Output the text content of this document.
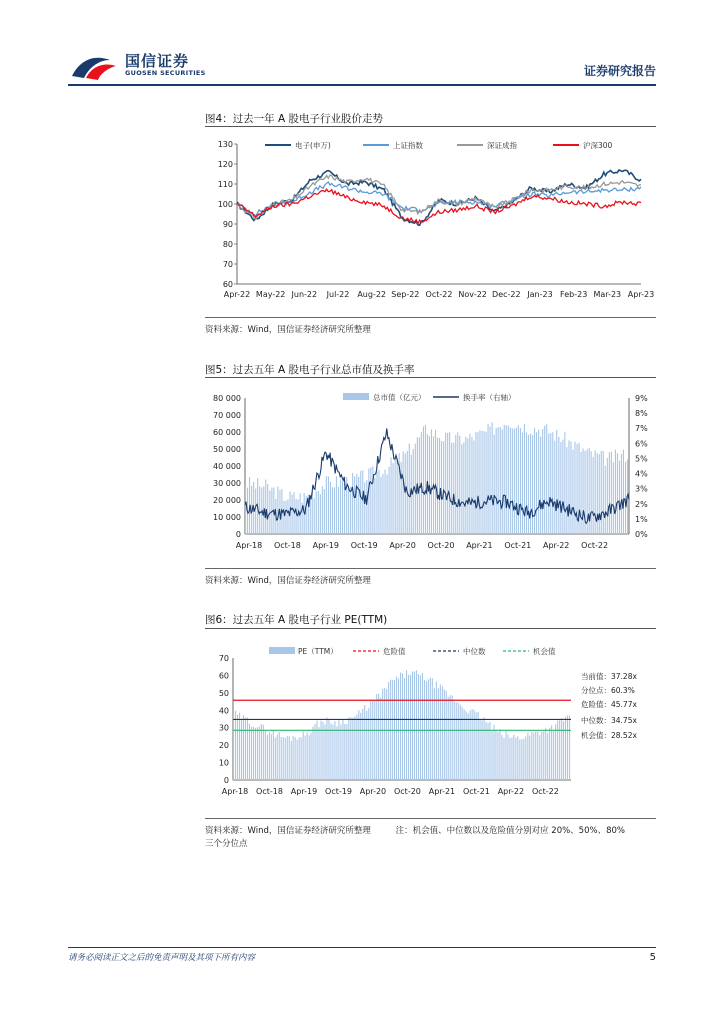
国信证券
GUOSEN SECURITIES	证券研究报告
图4：过去一年 A 股电子行业股价走势
60
70
80
90
100
110
120
130
Apr-22 May-22 Jun-22 Jul-22 Aug-22 Sep-22 Oct-22 Nov-22 Dec-22 Jan-23 Feb-23 Mar-23 Apr-23
电子(申万)	上证指数	深证成指	沪深300
资料来源：Wind，国信证券经济研究所整理
图5：过去五年 A 股电子行业总市值及换手率
0
10 000
20 000
30 000
40 000
50 000
60 000
70 000
80 000
0%
1%
2%
3%
4%
5%
6%
7%
8%
9%
Apr-18 Oct-18 Apr-19 Oct-19 Apr-20 Oct-20 Apr-21 Oct-21 Apr-22 Oct-22
总市值（亿元）	换手率（右轴）
资料来源：Wind，国信证券经济研究所整理
图6：过去五年 A 股电子行业 PE(TTM)
0
10
20
30
40
50
60
70
Apr-18 Oct-18 Apr-19 Oct-19 Apr-20 Oct-20 Apr-21 Oct-21 Apr-22 Oct-22
PE（TTM）	危险值	中位数	机会值
当前值：37.28x
分位点：60.3%
危险值：45.77x
中位数：34.75x
机会值：28.52x
资料来源：Wind，国信证券经济研究所整理	注：机会值、中位数以及危险值分别对应 20%、50%、80%
三个分位点
请务必阅读正文之后的免责声明及其项下所有内容	5
